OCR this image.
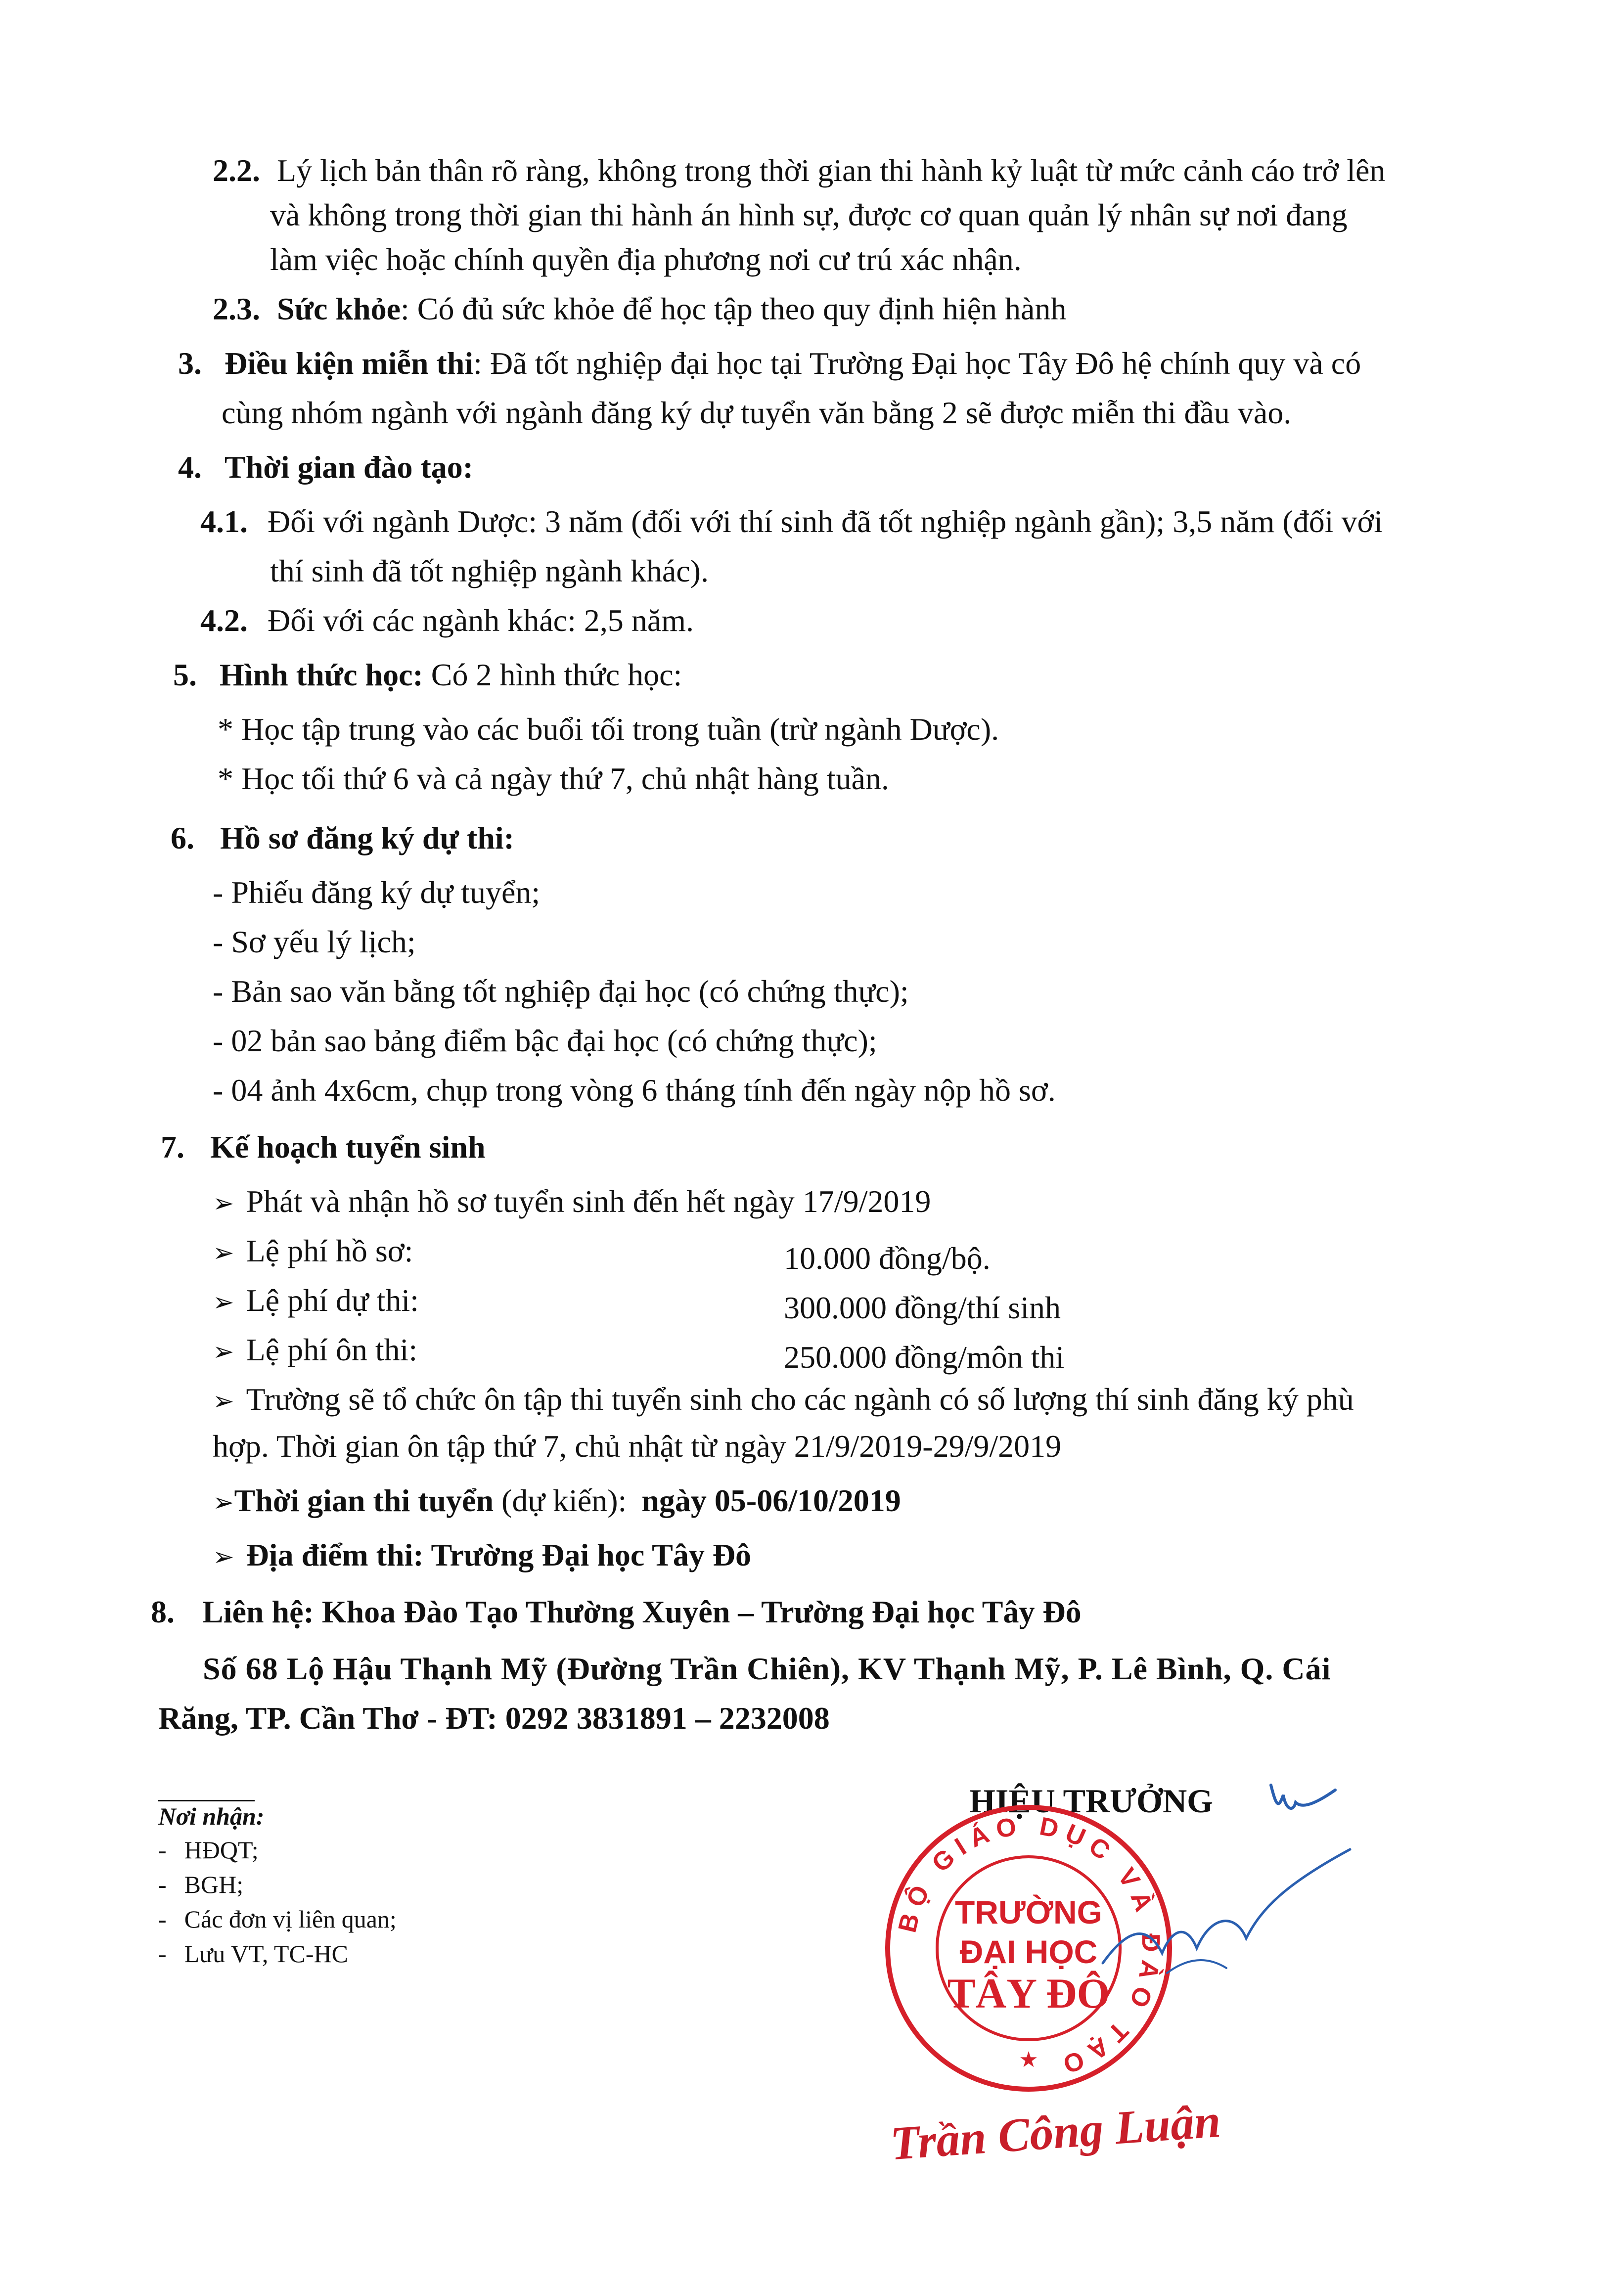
2.2. Lý lịch bản thân rõ ràng, không trong thời gian thi hành kỷ luật từ mức cảnh cáo trở lên
và không trong thời gian thi hành án hình sự, được cơ quan quản lý nhân sự nơi đang
làm việc hoặc chính quyền địa phương nơi cư trú xác nhận.
2.3. Sức khỏe: Có đủ sức khỏe để học tập theo quy định hiện hành
3. Điều kiện miễn thi: Đã tốt nghiệp đại học tại Trường Đại học Tây Đô hệ chính quy và có
cùng nhóm ngành với ngành đăng ký dự tuyển văn bằng 2 sẽ được miễn thi đầu vào.
4. Thời gian đào tạo:
4.1. Đối với ngành Dược: 3 năm (đối với thí sinh đã tốt nghiệp ngành gần); 3,5 năm (đối với
thí sinh đã tốt nghiệp ngành khác).
4.2. Đối với các ngành khác: 2,5 năm.
5. Hình thức học: Có 2 hình thức học:
* Học tập trung vào các buổi tối trong tuần (trừ ngành Dược).
* Học tối thứ 6 và cả ngày thứ 7, chủ nhật hàng tuần.
6. Hồ sơ đăng ký dự thi:
- Phiếu đăng ký dự tuyển;
- Sơ yếu lý lịch;
- Bản sao văn bằng tốt nghiệp đại học (có chứng thực);
- 02 bản sao bảng điểm bậc đại học (có chứng thực);
- 04 ảnh 4x6cm, chụp trong vòng 6 tháng tính đến ngày nộp hồ sơ.
7. Kế hoạch tuyển sinh
➢ Phát và nhận hồ sơ tuyển sinh đến hết ngày 17/9/2019
➢ Lệ phí hồ sơ:	10.000 đồng/bộ.
➢ Lệ phí dự thi:	300.000 đồng/thí sinh
➢ Lệ phí ôn thi:	250.000 đồng/môn thi
➢ Trường sẽ tổ chức ôn tập thi tuyển sinh cho các ngành có số lượng thí sinh đăng ký phù
hợp. Thời gian ôn tập thứ 7, chủ nhật từ ngày 21/9/2019-29/9/2019
➢Thời gian thi tuyển (dự kiến): ngày 05-06/10/2019
➢ Địa điểm thi: Trường Đại học Tây Đô
8. Liên hệ: Khoa Đào Tạo Thường Xuyên – Trường Đại học Tây Đô
Số 68 Lộ Hậu Thạnh Mỹ (Đường Trần Chiên), KV Thạnh Mỹ, P. Lê Bình, Q. Cái
Răng, TP. Cần Thơ - ĐT: 0292 3831891 – 2232008
Nơi nhận:
- HĐQT;
- BGH;
- Các đơn vị liên quan;
- Lưu VT, TC-HC
HIỆU TRƯỞNG
BỘ GIÁO DỤC VÀ ĐÀO TẠO
TRƯỜNG
ĐẠI HỌC
TÂY ĐÔ
★
Trần Công Luận
